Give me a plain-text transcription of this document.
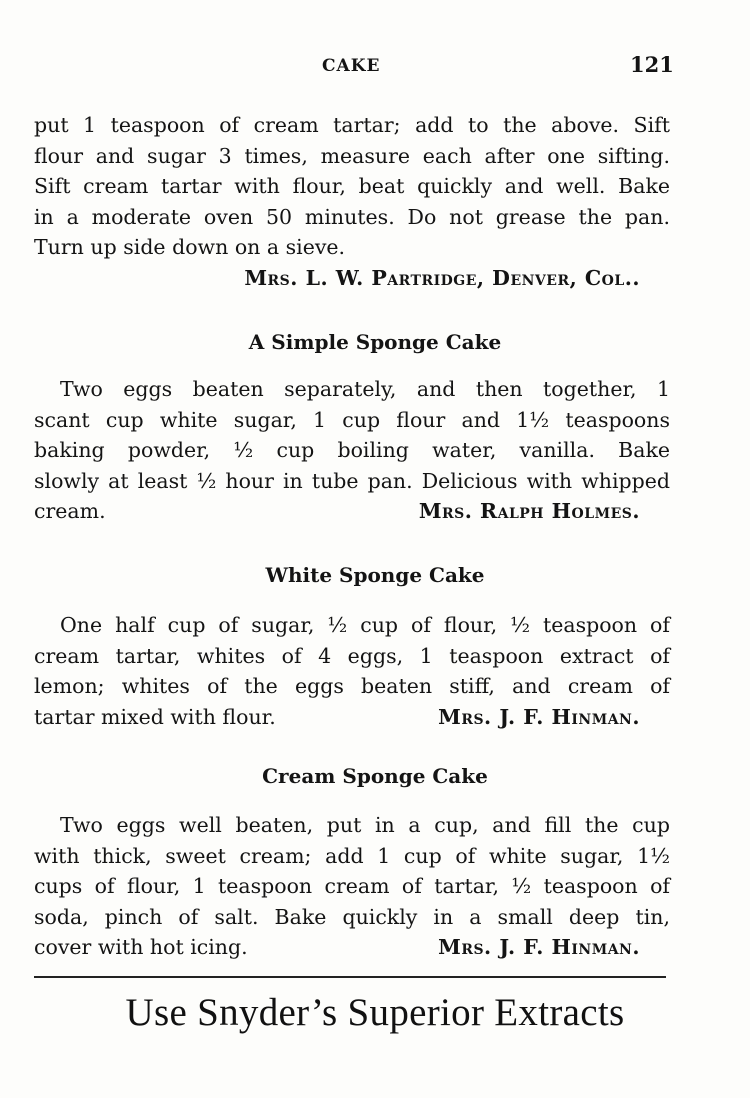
CAKE	121

put 1 teaspoon of cream tartar; add to the above. Sift
flour and sugar 3 times, measure each after one sifting.
Sift cream tartar with flour, beat quickly and well. Bake
in a moderate oven 50 minutes. Do not grease the pan.
Turn up side down on a sieve.

Mrs. L. W. Partridge, Denver, Col..
A Simple Sponge Cake

Two eggs beaten separately, and then together, 1
scant cup white sugar, 1 cup flour and 1½ teaspoons
baking powder, ½ cup boiling water, vanilla. Bake
slowly at least ½ hour in tube pan. Delicious with whipped

cream.	Mrs. Ralph Holmes.
White Sponge Cake

One half cup of sugar, ½ cup of flour, ½ teaspoon of
cream tartar, whites of 4 eggs, 1 teaspoon extract of
lemon; whites of the eggs beaten stiff, and cream of

tartar mixed with flour.	Mrs. J. F. Hinman.
Cream Sponge Cake

Two eggs well beaten, put in a cup, and fill the cup
with thick, sweet cream; add 1 cup of white sugar, 1½
cups of flour, 1 teaspoon cream of tartar, ½ teaspoon of
soda, pinch of salt. Bake quickly in a small deep tin,

cover with hot icing.	Mrs. J. F. Hinman.
Use Snyder’s Superior Extracts
